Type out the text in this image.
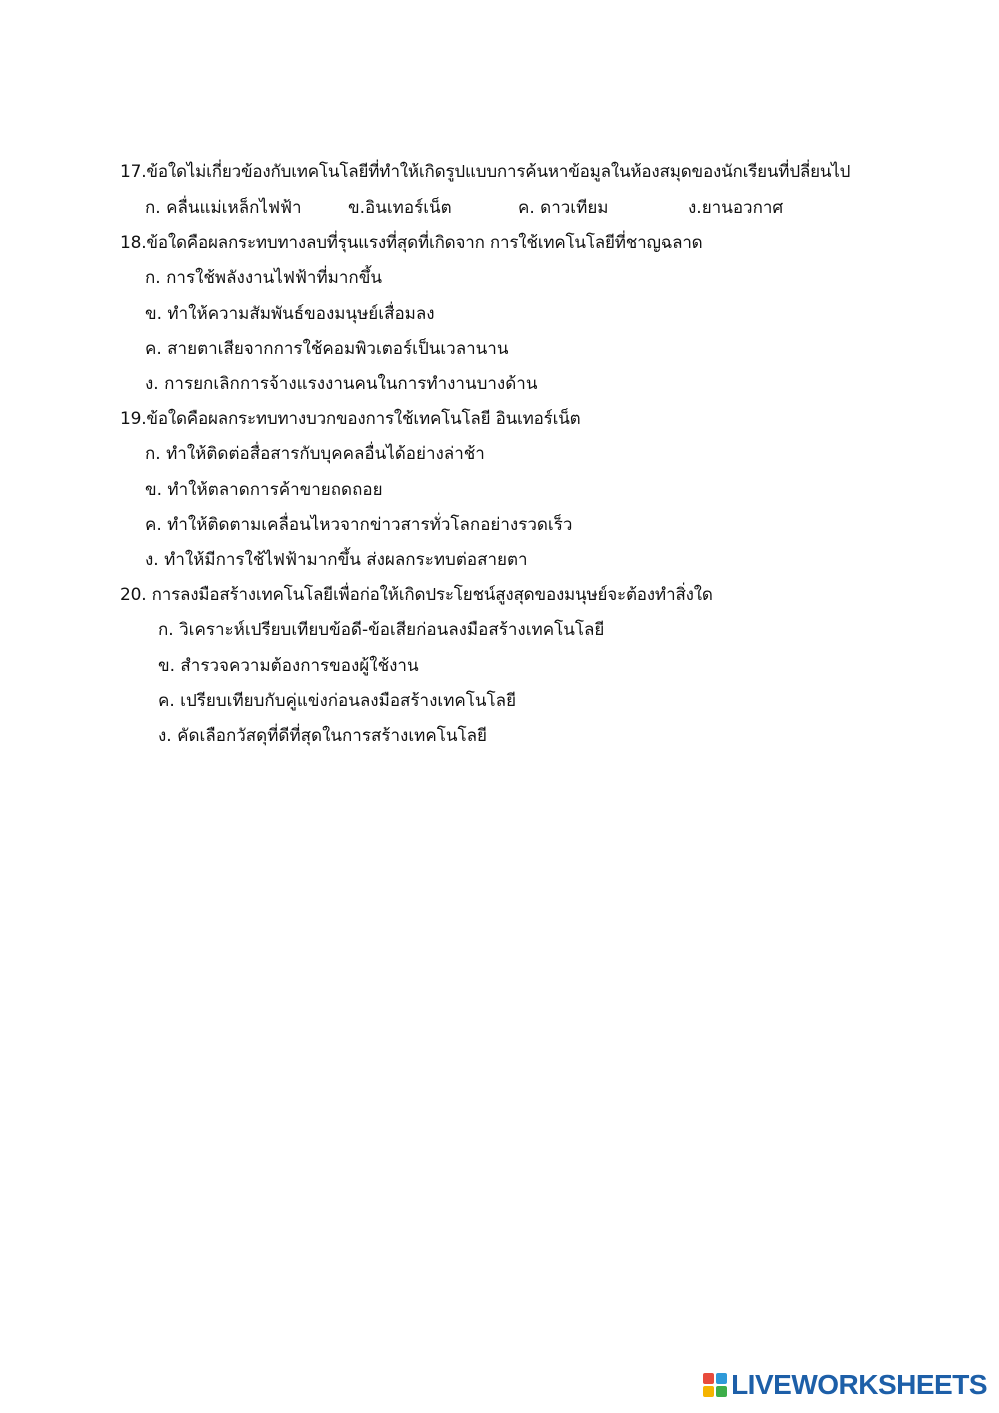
17.ข้อใดไม่เกี่ยวข้องกับเทคโนโลยีที่ทำให้เกิดรูปแบบการค้นหาข้อมูลในห้องสมุดของนักเรียนที่ปลี่ยนไป
ก. คลื่นแม่เหล็กไฟฟ้า	ข.อินเทอร์เน็ต	ค. ดาวเทียม	ง.ยานอวกาศ
18.ข้อใดคือผลกระทบทางลบที่รุนแรงที่สุดที่เกิดจาก การใช้เทคโนโลยีที่ชาญฉลาด
ก. การใช้พลังงานไฟฟ้าที่มากขึ้น
ข. ทำให้ความสัมพันธ์ของมนุษย์เสื่อมลง
ค. สายตาเสียจากการใช้คอมพิวเตอร์เป็นเวลานาน
ง. การยกเลิกการจ้างแรงงานคนในการทำงานบางด้าน
19.ข้อใดคือผลกระทบทางบวกของการใช้เทคโนโลยี อินเทอร์เน็ต
ก. ทำให้ติดต่อสื่อสารกับบุคคลอื่นได้อย่างล่าช้า
ข. ทำให้ตลาดการค้าขายถดถอย
ค. ทำให้ติดตามเคลื่อนไหวจากข่าวสารทั่วโลกอย่างรวดเร็ว
ง. ทำให้มีการใช้ไฟฟ้ามากขึ้น ส่งผลกระทบต่อสายตา
20. การลงมือสร้างเทคโนโลยีเพื่อก่อให้เกิดประโยชน์สูงสุดของมนุษย์จะต้องทำสิ่งใด
ก. วิเคราะห์เปรียบเทียบข้อดี-ข้อเสียก่อนลงมือสร้างเทคโนโลยี
ข. สำรวจความต้องการของผู้ใช้งาน
ค. เปรียบเทียบกับคู่แข่งก่อนลงมือสร้างเทคโนโลยี
ง. คัดเลือกวัสดุที่ดีที่สุดในการสร้างเทคโนโลยี
LIVEWORKSHEETS
